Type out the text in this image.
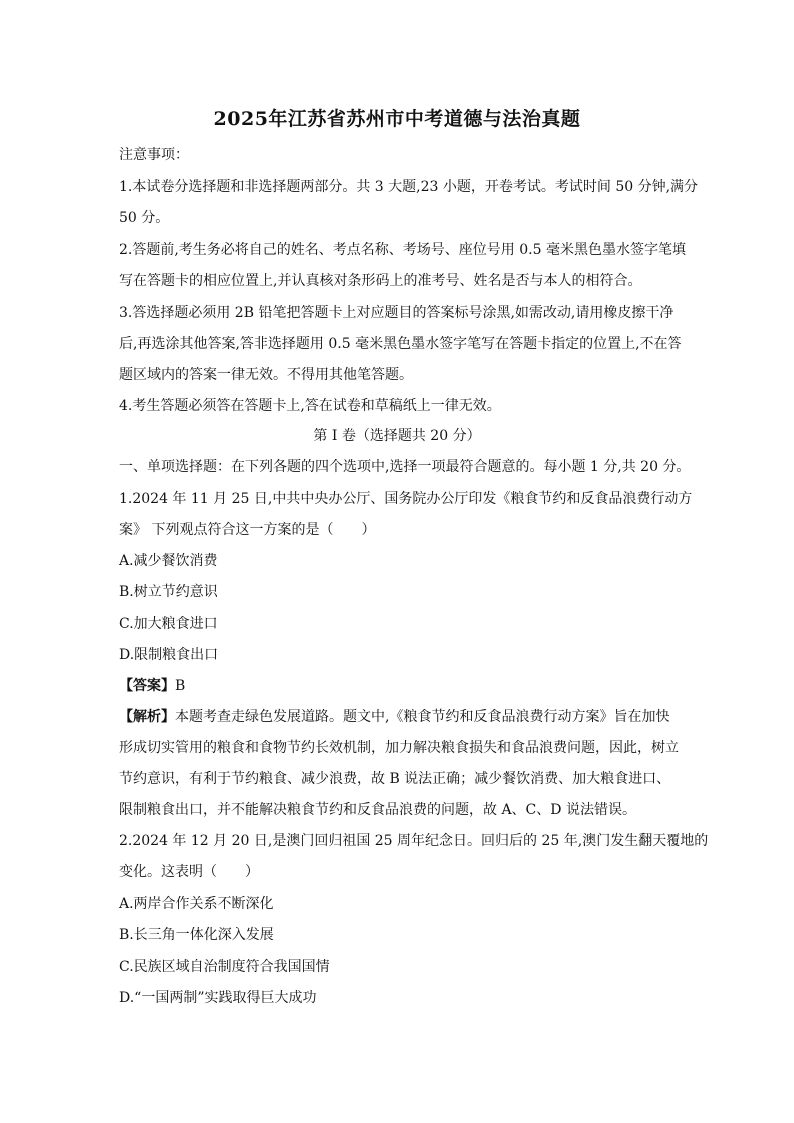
2025年江苏省苏州市中考道德与法治真题
注意事项：
1.本试卷分选择题和非选择题两部分。共 3 大题,23 小题，开卷考试。考试时间 50 分钟,满分
50 分。
2.答题前,考生务必将自己的姓名、考点名称、考场号、座位号用 0.5 毫米黑色墨水签字笔填
写在答题卡的相应位置上,并认真核对条形码上的准考号、姓名是否与本人的相符合。
3.答选择题必须用 2B 铅笔把答题卡上对应题目的答案标号涂黑,如需改动,请用橡皮擦干净
后,再选涂其他答案,答非选择题用 0.5 毫米黑色墨水签字笔写在答题卡指定的位置上,不在答
题区域内的答案一律无效。不得用其他笔答题。
4.考生答题必须答在答题卡上,答在试卷和草稿纸上一律无效。
第 I 卷（选择题共 20 分）
一、单项选择题：在下列各题的四个选项中,选择一项最符合题意的。每小题 1 分,共 20 分。
1.2024 年 11 月 25 日,中共中央办公厅、国务院办公厅印发《粮食节约和反食品浪费行动方
案》 下列观点符合这一方案的是（　　）
A.减少餐饮消费
B.树立节约意识
C.加大粮食进口
D.限制粮食出口
【答案】B
【解析】本题考查走绿色发展道路。题文中,《粮食节约和反食品浪费行动方案》旨在加快
形成切实管用的粮食和食物节约长效机制，加力解决粮食损失和食品浪费问题，因此，树立
节约意识，有利于节约粮食、减少浪费，故 B 说法正确；减少餐饮消费、加大粮食进口、
限制粮食出口，并不能解决粮食节约和反食品浪费的问题，故 A、C、D 说法错误。
2.2024 年 12 月 20 日,是澳门回归祖国 25 周年纪念日。回归后的 25 年,澳门发生翻天覆地的
变化。这表明（　　）
A.两岸合作关系不断深化
B.长三角一体化深入发展
C.民族区域自治制度符合我国国情
D.“一国两制”实践取得巨大成功
